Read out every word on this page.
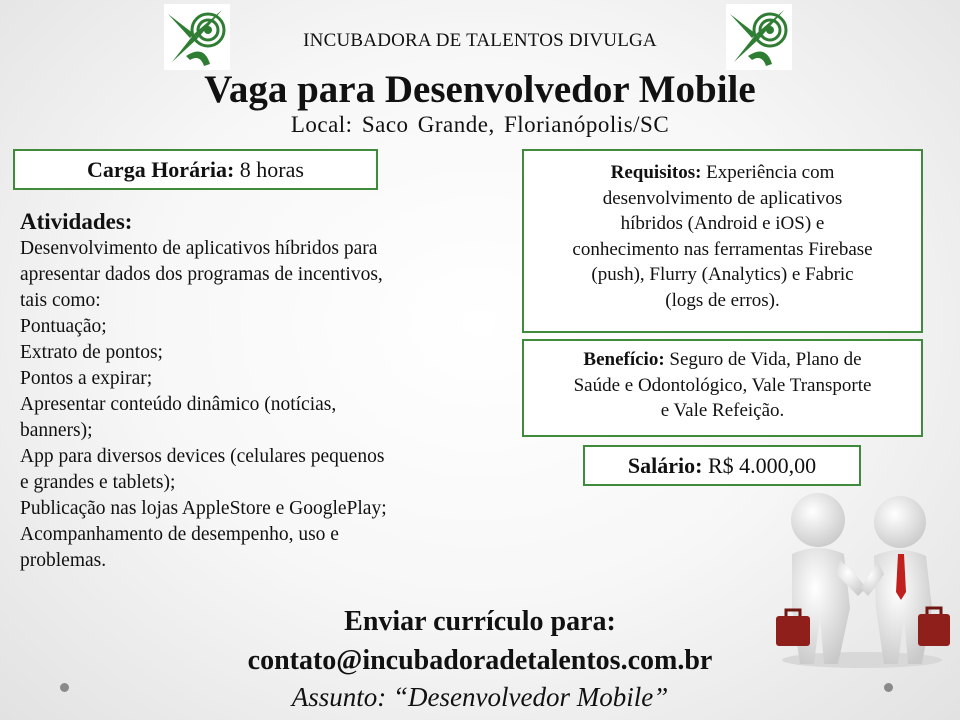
INCUBADORA DE TALENTOS DIVULGA
Vaga para Desenvolvedor Mobile
Local: Saco Grande, Florianópolis/SC
Carga Horária: 8 horas
Atividades:
Desenvolvimento de aplicativos híbridos para
apresentar dados dos programas de incentivos,
tais como:
Pontuação;
Extrato de pontos;
Pontos a expirar;
Apresentar conteúdo dinâmico (notícias,
banners);
App para diversos devices (celulares pequenos
e grandes e tablets);
Publicação nas lojas AppleStore e GooglePlay;
Acompanhamento de desempenho, uso e
problemas.
Requisitos: Experiência com
desenvolvimento de aplicativos
híbridos (Android e iOS) e
conhecimento nas ferramentas Firebase
(push), Flurry (Analytics) e Fabric
(logs de erros).
Benefício: Seguro de Vida, Plano de
Saúde e Odontológico, Vale Transporte
e Vale Refeição.
Salário: R$ 4.000,00
Enviar currículo para:
contato@incubadoradetalentos.com.br
Assunto: “Desenvolvedor Mobile”
